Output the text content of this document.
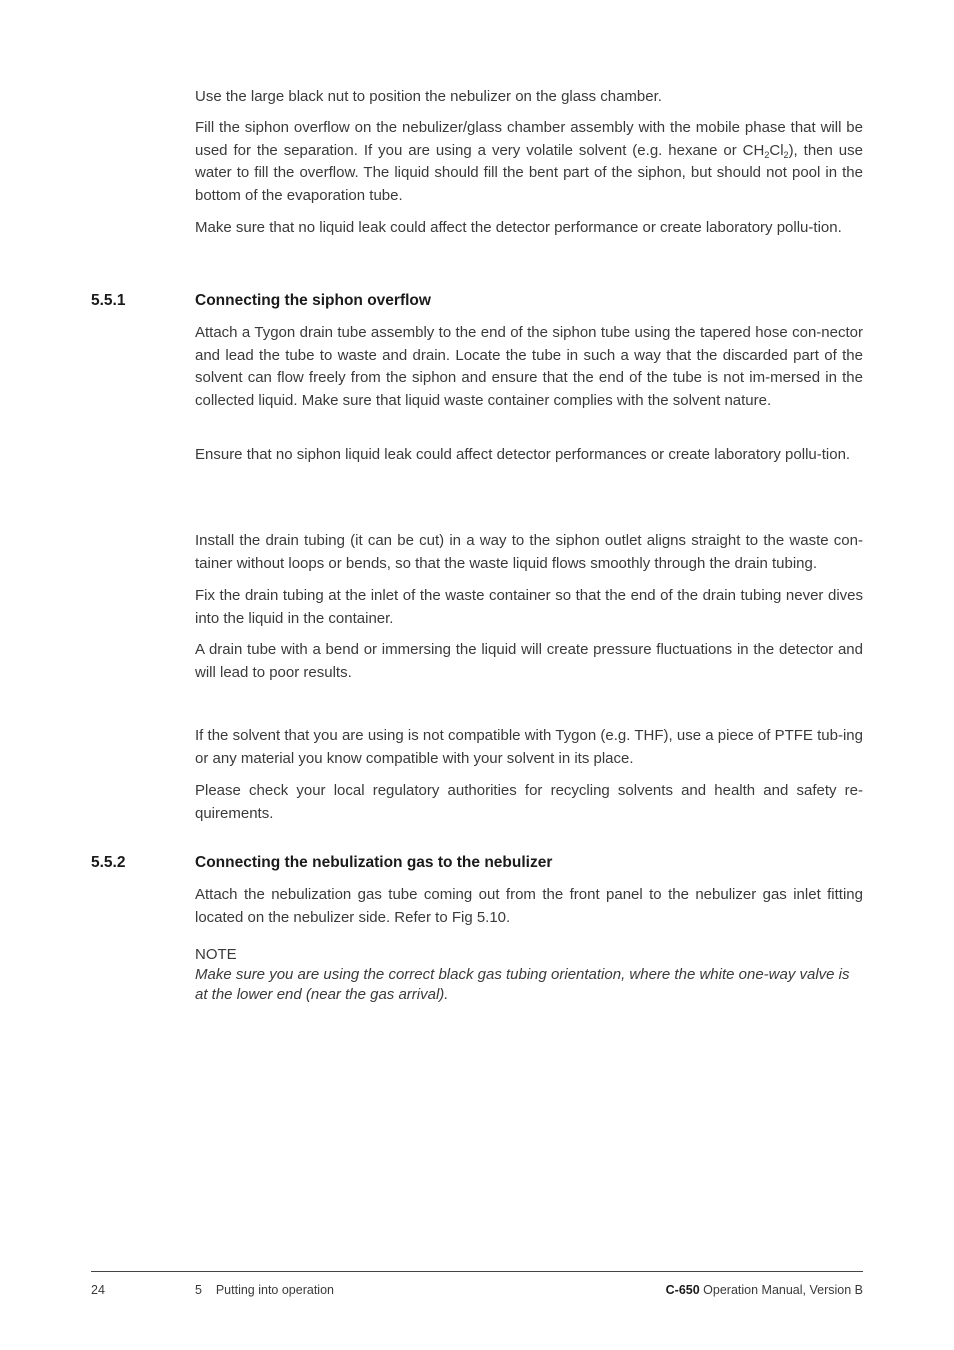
Use the large black nut to position the nebulizer on the glass chamber.

Fill the siphon overflow on the nebulizer/glass chamber assembly with the mobile phase that will be used for the separation. If you are using a very volatile solvent (e.g. hexane or $CH_2Cl_2$), then use water to fill the overflow. The liquid should fill the bent part of the siphon, but should not pool in the bottom of the evaporation tube.

Make sure that no liquid leak could affect the detector performance or create laboratory pollu-tion.

5.5.1	Connecting the siphon overflow

Attach a Tygon drain tube assembly to the end of the siphon tube using the tapered hose con-nector and lead the tube to waste and drain. Locate the tube in such a way that the discarded part of the solvent can flow freely from the siphon and ensure that the end of the tube is not im-mersed in the collected liquid. Make sure that liquid waste container complies with the solvent nature.

Ensure that no siphon liquid leak could affect detector performances or create laboratory pollu-tion.

Install the drain tubing (it can be cut) in a way to the siphon outlet aligns straight to the waste con-tainer without loops or bends, so that the waste liquid flows smoothly through the drain tubing.

Fix the drain tubing at the inlet of the waste container so that the end of the drain tubing never dives into the liquid in the container.

A drain tube with a bend or immersing the liquid will create pressure fluctuations in the detector and will lead to poor results.

If the solvent that you are using is not compatible with Tygon (e.g. THF), use a piece of PTFE tub-ing or any material you know compatible with your solvent in its place.

Please check your local regulatory authorities for recycling solvents and health and safety re-quirements.

5.5.2	Connecting the nebulization gas to the nebulizer

Attach the nebulization gas tube coming out from the front panel to the nebulizer gas inlet fitting located on the nebulizer side. Refer to Fig 5.10.

NOTE

Make sure you are using the correct black gas tubing orientation, where the white one-way valve is at the lower end (near the gas arrival).

24	5    Putting into operation	C-650 Operation Manual, Version B
